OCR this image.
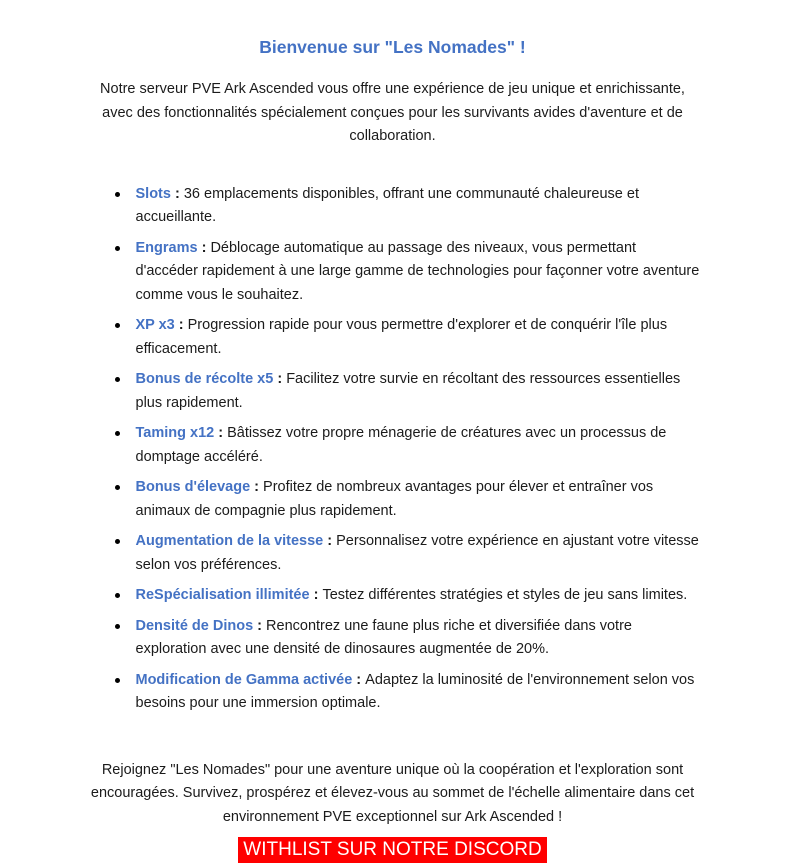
Bienvenue sur "Les Nomades" !

Notre serveur PVE Ark Ascended vous offre une expérience de jeu unique et enrichissante, avec des fonctionnalités spécialement conçues pour les survivants avides d'aventure et de collaboration.

Slots : 36 emplacements disponibles, offrant une communauté chaleureuse et accueillante.
Engrams : Déblocage automatique au passage des niveaux, vous permettant d'accéder rapidement à une large gamme de technologies pour façonner votre aventure comme vous le souhaitez.
XP x3 : Progression rapide pour vous permettre d'explorer et de conquérir l'île plus efficacement.
Bonus de récolte x5 : Facilitez votre survie en récoltant des ressources essentielles plus rapidement.
Taming x12 : Bâtissez votre propre ménagerie de créatures avec un processus de domptage accéléré.
Bonus d'élevage : Profitez de nombreux avantages pour élever et entraîner vos animaux de compagnie plus rapidement.
Augmentation de la vitesse : Personnalisez votre expérience en ajustant votre vitesse selon vos préférences.
ReSpécialisation illimitée : Testez différentes stratégies et styles de jeu sans limites.
Densité de Dinos : Rencontrez une faune plus riche et diversifiée dans votre exploration avec une densité de dinosaures augmentée de 20%.
Modification de Gamma activée : Adaptez la luminosité de l'environnement selon vos besoins pour une immersion optimale.

Rejoignez "Les Nomades" pour une aventure unique où la coopération et l'exploration sont encouragées. Survivez, prospérez et élevez-vous au sommet de l'échelle alimentaire dans cet environnement PVE exceptionnel sur Ark Ascended !

WITHLIST SUR NOTRE DISCORD
